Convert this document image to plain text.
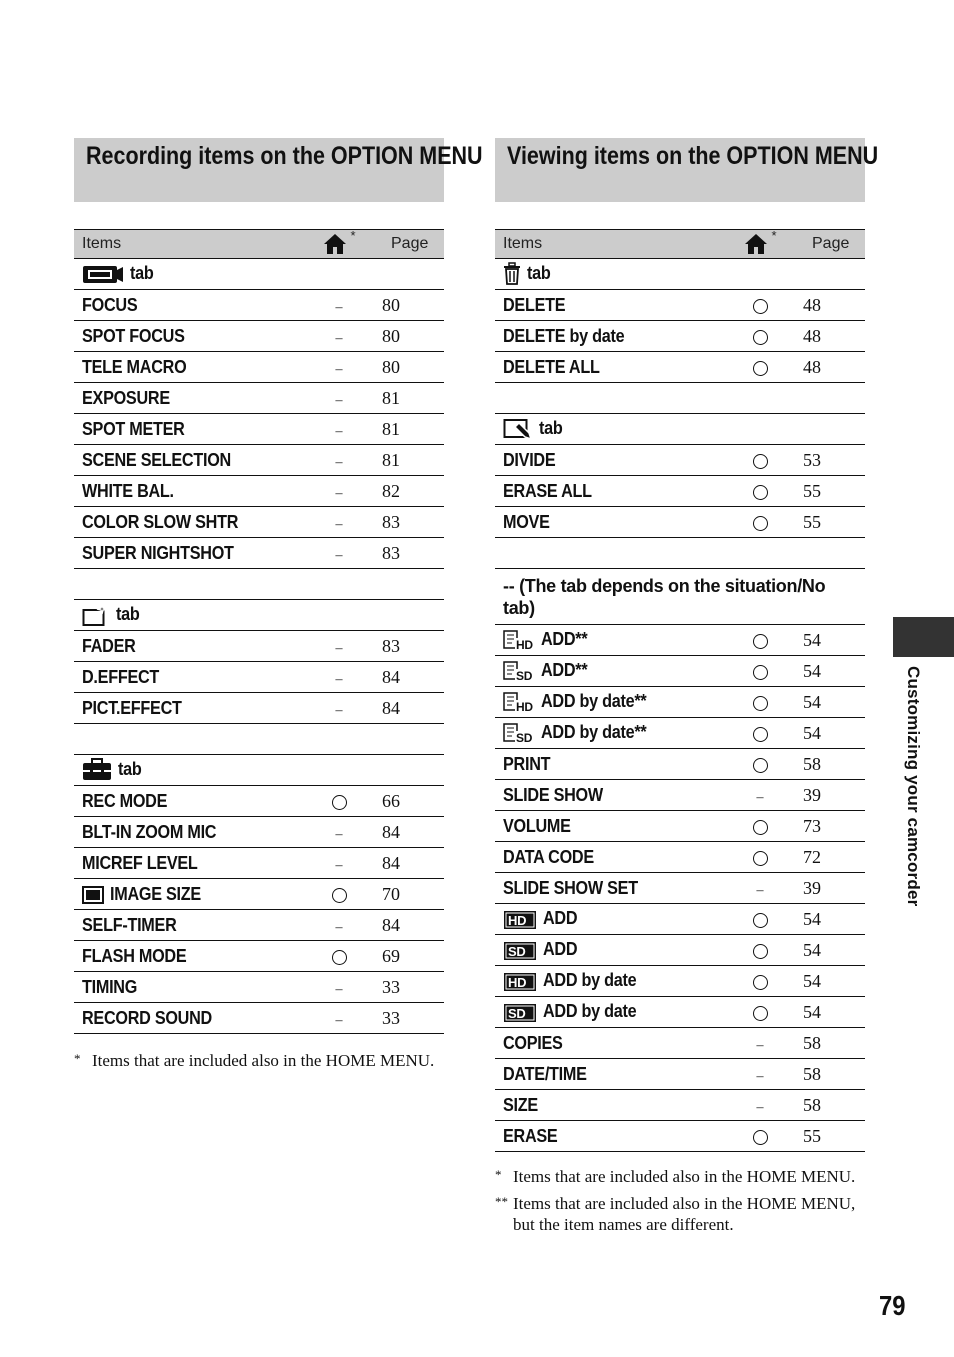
Recording items on the OPTION MENU
Items	*	Page
tab		
FOCUS	–	80
SPOT FOCUS	–	80
TELE MACRO	–	80
EXPOSURE	–	81
SPOT METER	–	81
SCENE SELECTION	–	81
WHITE BAL.	–	82
COLOR SLOW SHTR	–	83
SUPER NIGHTSHOT	–	83

tab		
FADER	–	83
D.EFFECT	–	84
PICT.EFFECT	–	84

tab		
REC MODE		66
BLT-IN ZOOM MIC	–	84
MICREF LEVEL	–	84
IMAGE SIZE		70
SELF-TIMER	–	84
FLASH MODE		69
TIMING	–	33
RECORD SOUND	–	33
* Items that are included also in the HOME MENU.
Viewing items on the OPTION MENU
Items	*	Page
tab		
DELETE		48
DELETE by date		48
DELETE ALL		48

tab		
DIVIDE		53
ERASE ALL		55
MOVE		55

-- (The tab depends on the situation/No tab)		

HD ADD**		54

SD ADD**		54

HD ADD by date**		54

SD ADD by date**		54
PRINT		58
SLIDE SHOW	–	39
VOLUME		73
DATA CODE		72
SLIDE SHOW SET	–	39

HD ADD		54

SD ADD		54

HD ADD by date		54

SD ADD by date		54
COPIES	–	58
DATE/TIME	–	58
SIZE	–	58
ERASE		55
* Items that are included also in the HOME MENU.
** Items that are included also in the HOME MENU, but the item names are different.
Customizing your camcorder
79
